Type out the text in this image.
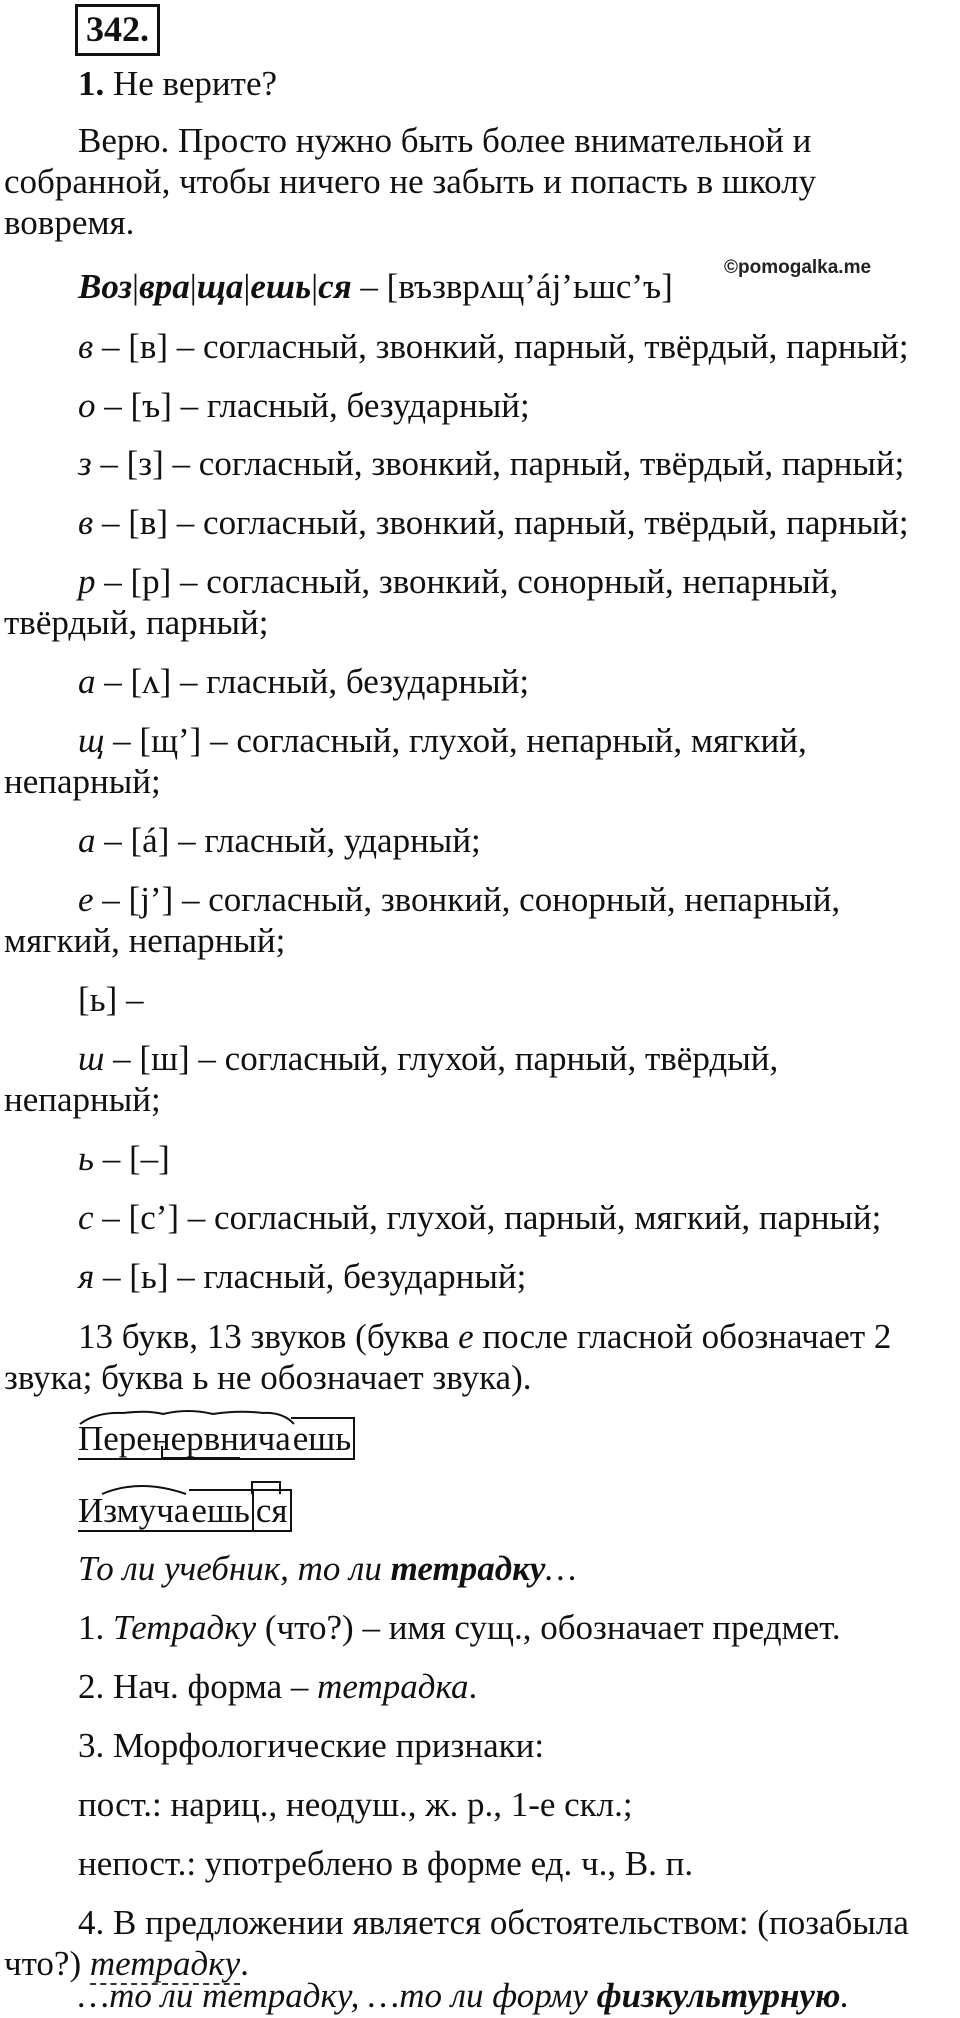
342.
1. Не верите?
Верю. Просто нужно быть более внимательной и
собранной, чтобы ничего не забыть и попасть в школу
вовремя.
©pomogalka.me
Воз|вра|ща|ешь|ся – [възврʌщ’áj’ьшс’ъ]
в – [в] – согласный, звонкий, парный, твёрдый, парный;
о – [ъ] – гласный, безударный;
з – [з] – согласный, звонкий, парный, твёрдый, парный;
в – [в] – согласный, звонкий, парный, твёрдый, парный;
р – [р] – согласный, звонкий, сонорный, непарный,
твёрдый, парный;
а – [ʌ] – гласный, безударный;
щ – [щ’] – согласный, глухой, непарный, мягкий,
непарный;
а – [á] – гласный, ударный;
е – [j’] – согласный, звонкий, сонорный, непарный,
мягкий, непарный;
[ь] –
ш – [ш] – согласный, глухой, парный, твёрдый,
непарный;
ь – [–]
с – [с’] – согласный, глухой, парный, мягкий, парный;
я – [ь] – гласный, безударный;
13 букв, 13 звуков (буква е после гласной обозначает 2
звука; буква ь не обозначает звука).
Перенервничаешь
Измучаешь ся
То ли учебник, то ли тетрадку…
1. Тетрадку (что?) – имя сущ., обозначает предмет.
2. Нач. форма – тетрадка.
3. Морфологические признаки:
пост.: нариц., неодуш., ж. р., 1-е скл.;
непост.: употреблено в форме ед. ч., В. п.
4. В предложении является обстоятельством: (позабыла
что?) тетрадку.
…то ли тетрадку, …то ли форму физкультурную.
